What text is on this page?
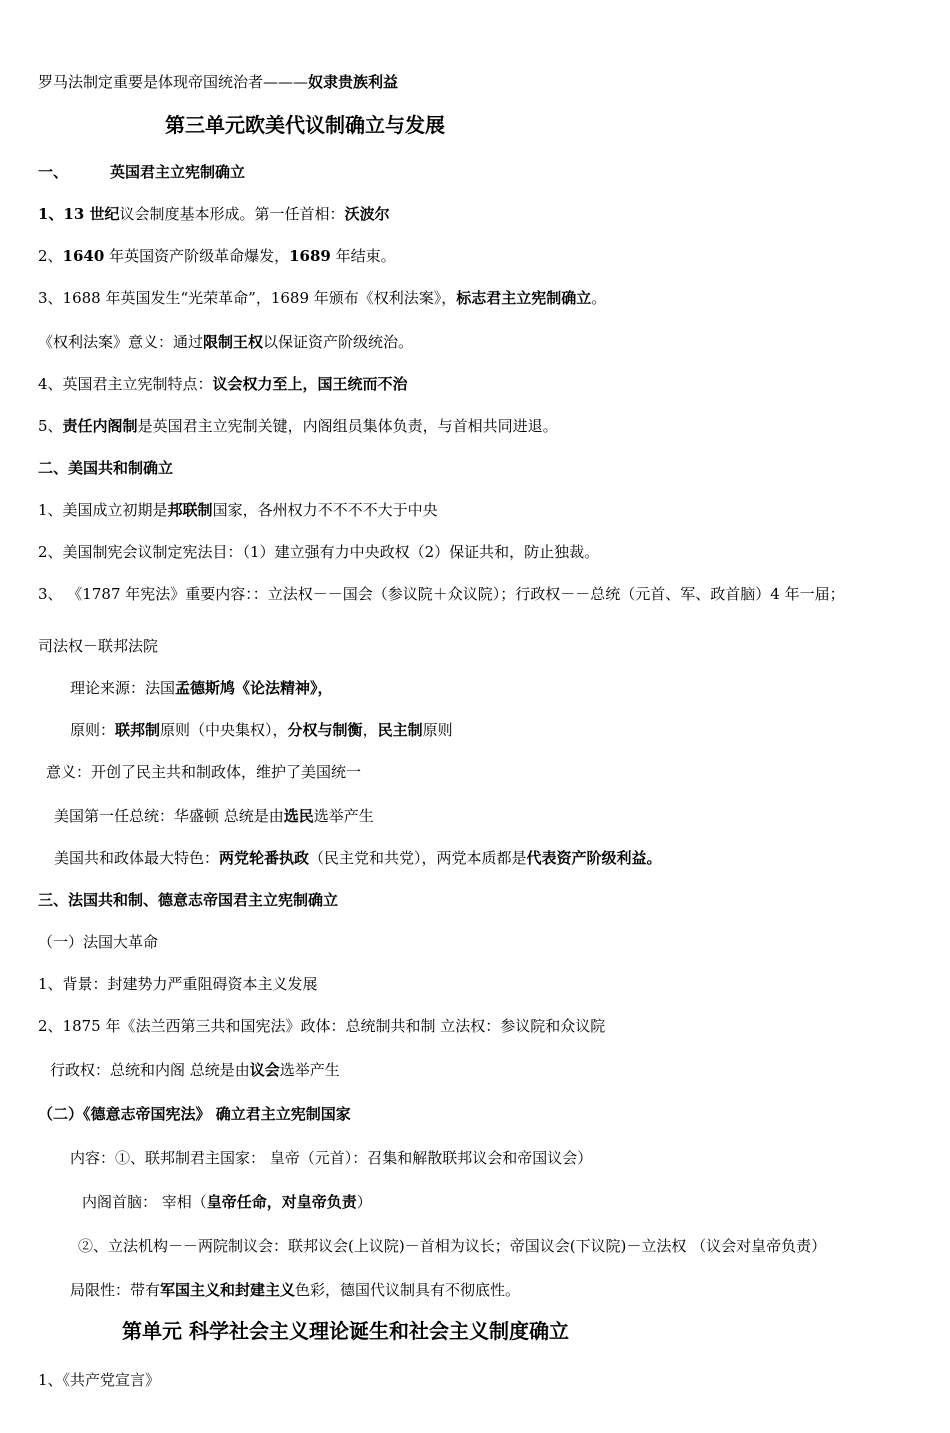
罗马法制定重要是体现帝国统治者———奴隶贵族利益
第三单元欧美代议制确立与发展
一、	英国君主立宪制确立
1、13 世纪议会制度基本形成。第一任首相：沃波尔
2、1640 年英国资产阶级革命爆发，1689 年结束。
3、1688 年英国发生“光荣革命”，1689 年颁布《权利法案》，标志君主立宪制确立。
《权利法案》意义：通过限制王权以保证资产阶级统治。
4、英国君主立宪制特点：议会权力至上，国王统而不治
5、责任内阁制是英国君主立宪制关键，内阁组员集体负责，与首相共同进退。
二、美国共和制确立
1、美国成立初期是邦联制国家，各州权力不不不不大于中央
2、美国制宪会议制定宪法目：（1）建立强有力中央政权（2）保证共和，防止独裁。
3、 《1787 年宪法》重要内容：：立法权－－国会（参议院＋众议院）；行政权－－总统（元首、军、政首脑）4 年一届；
司法权－联邦法院
理论来源：法国孟德斯鸠《论法精神》，
原则：联邦制原则（中央集权），分权与制衡，民主制原则
意义：开创了民主共和制政体，维护了美国统一
美国第一任总统：华盛顿 总统是由选民选举产生
美国共和政体最大特色：两党轮番执政（民主党和共党），两党本质都是代表资产阶级利益。
三、法国共和制、德意志帝国君主立宪制确立
（一）法国大革命
1、背景：封建势力严重阻碍资本主义发展
2、1875 年《法兰西第三共和国宪法》政体：总统制共和制 立法权：参议院和众议院
行政权：总统和内阁 总统是由议会选举产生
（二）《德意志帝国宪法》 确立君主立宪制国家
内容：①、联邦制君主国家： 皇帝（元首）：召集和解散联邦议会和帝国议会）
内阁首脑： 宰相（皇帝任命，对皇帝负责）
②、立法机构－－两院制议会：联邦议会(上议院)－首相为议长；帝国议会(下议院)－立法权 （议会对皇帝负责）
局限性：带有军国主义和封建主义色彩，德国代议制具有不彻底性。
第单元 科学社会主义理论诞生和社会主义制度确立
1、《共产党宣言》
